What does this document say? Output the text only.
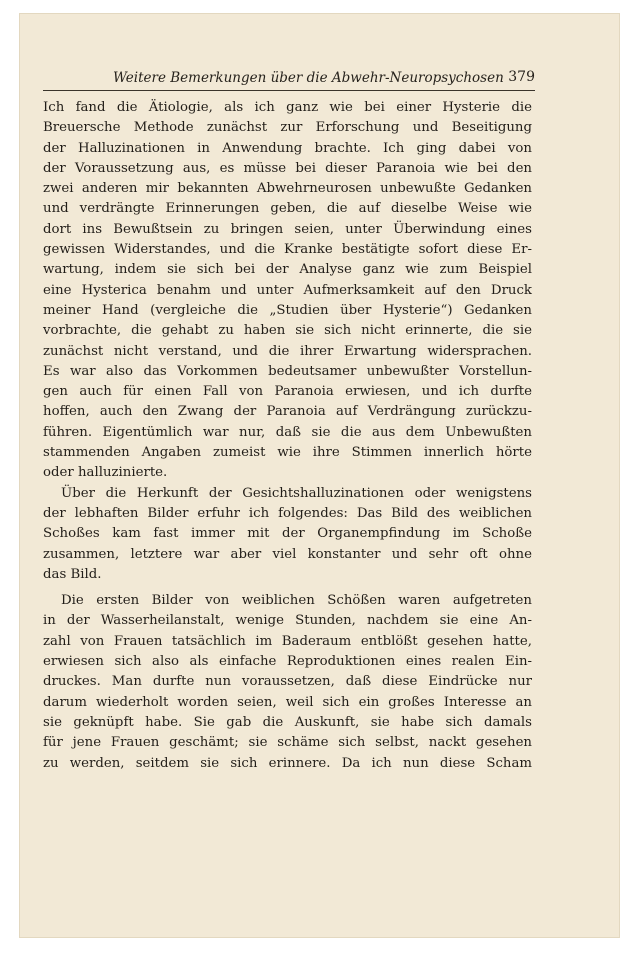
Weitere Bemerkungen über die Abwehr-Neuropsychosen 379

Ich fand die Ätiologie, als ich ganz wie bei einer Hysterie die

Breuersche Methode zunächst zur Erforschung und Beseitigung

der Halluzinationen in Anwendung brachte. Ich ging dabei von

der Voraussetzung aus, es müsse bei dieser Paranoia wie bei den

zwei anderen mir bekannten Abwehrneurosen unbewußte Gedanken

und verdrängte Erinnerungen geben, die auf dieselbe Weise wie

dort ins Bewußtsein zu bringen seien, unter Überwindung eines

gewissen Widerstandes, und die Kranke bestätigte sofort diese Er-

wartung, indem sie sich bei der Analyse ganz wie zum Beispiel

eine Hysterica benahm und unter Aufmerksamkeit auf den Druck

meiner Hand (vergleiche die „Studien über Hysterie“) Gedanken

vorbrachte, die gehabt zu haben sie sich nicht erinnerte, die sie

zunächst nicht verstand, und die ihrer Erwartung widersprachen.

Es war also das Vorkommen bedeutsamer unbewußter Vorstellun-

gen auch für einen Fall von Paranoia erwiesen, und ich durfte

hoffen, auch den Zwang der Paranoia auf Verdrängung zurückzu-

führen. Eigentümlich war nur, daß sie die aus dem Unbewußten

stammenden Angaben zumeist wie ihre Stimmen innerlich hörte

oder halluzinierte.

Über die Herkunft der Gesichtshalluzinationen oder wenigstens

der lebhaften Bilder erfuhr ich folgendes: Das Bild des weiblichen

Schoßes kam fast immer mit der Organempfindung im Schoße

zusammen, letztere war aber viel konstanter und sehr oft ohne

das Bild.

Die ersten Bilder von weiblichen Schößen waren aufgetreten

in der Wasserheilanstalt, wenige Stunden, nachdem sie eine An-

zahl von Frauen tatsächlich im Baderaum entblößt gesehen hatte,

erwiesen sich also als einfache Reproduktionen eines realen Ein-

druckes. Man durfte nun voraussetzen, daß diese Eindrücke nur

darum wiederholt worden seien, weil sich ein großes Interesse an

sie geknüpft habe. Sie gab die Auskunft, sie habe sich damals

für jene Frauen geschämt; sie schäme sich selbst, nackt gesehen

zu werden, seitdem sie sich erinnere. Da ich nun diese Scham
